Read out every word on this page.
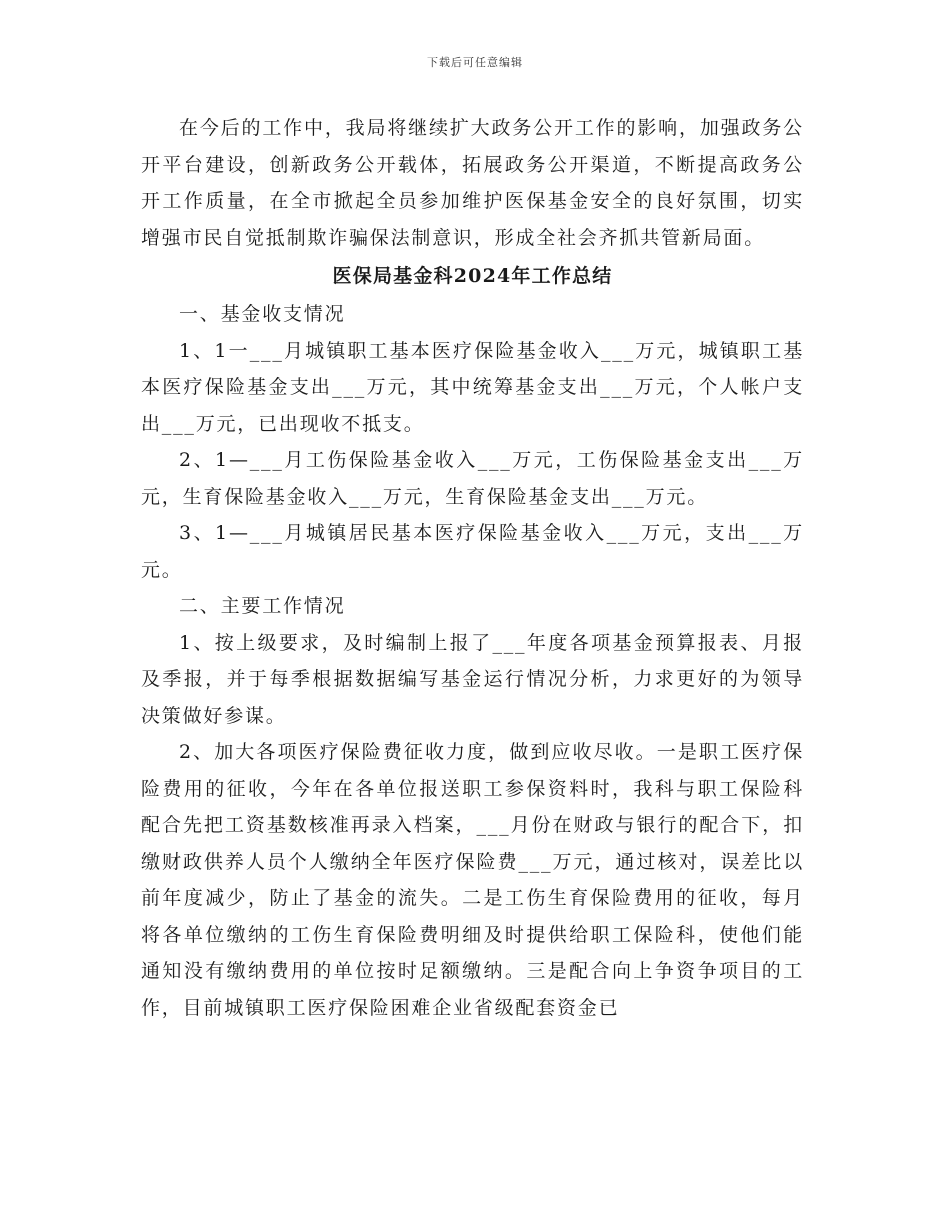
下载后可任意编辑

在今后的工作中，我局将继续扩大政务公开工作的影响，加强政务公开平台建设，创新政务公开载体，拓展政务公开渠道，不断提高政务公开工作质量，在全市掀起全员参加维护医保基金安全的良好氛围，切实增强市民自觉抵制欺诈骗保法制意识，形成全社会齐抓共管新局面。

医保局基金科2024年工作总结

一、基金收支情况

1、1一___月城镇职工基本医疗保险基金收入___万元，城镇职工基本医疗保险基金支出___万元，其中统筹基金支出___万元，个人帐户支出___万元，已出现收不抵支。

2、1—___月工伤保险基金收入___万元，工伤保险基金支出___万元，生育保险基金收入___万元，生育保险基金支出___万元。

3、1—___月城镇居民基本医疗保险基金收入___万元，支出___万元。

二、主要工作情况

1、按上级要求，及时编制上报了___年度各项基金预算报表、月报及季报，并于每季根据数据编写基金运行情况分析，力求更好的为领导决策做好参谋。

2、加大各项医疗保险费征收力度，做到应收尽收。一是职工医疗保险费用的征收，今年在各单位报送职工参保资料时，我科与职工保险科配合先把工资基数核准再录入档案，___月份在财政与银行的配合下，扣缴财政供养人员个人缴纳全年医疗保险费___万元，通过核对，误差比以前年度减少，防止了基金的流失。二是工伤生育保险费用的征收，每月将各单位缴纳的工伤生育保险费明细及时提供给职工保险科，使他们能通知没有缴纳费用的单位按时足额缴纳。三是配合向上争资争项目的工作，目前城镇职工医疗保险困难企业省级配套资金已
